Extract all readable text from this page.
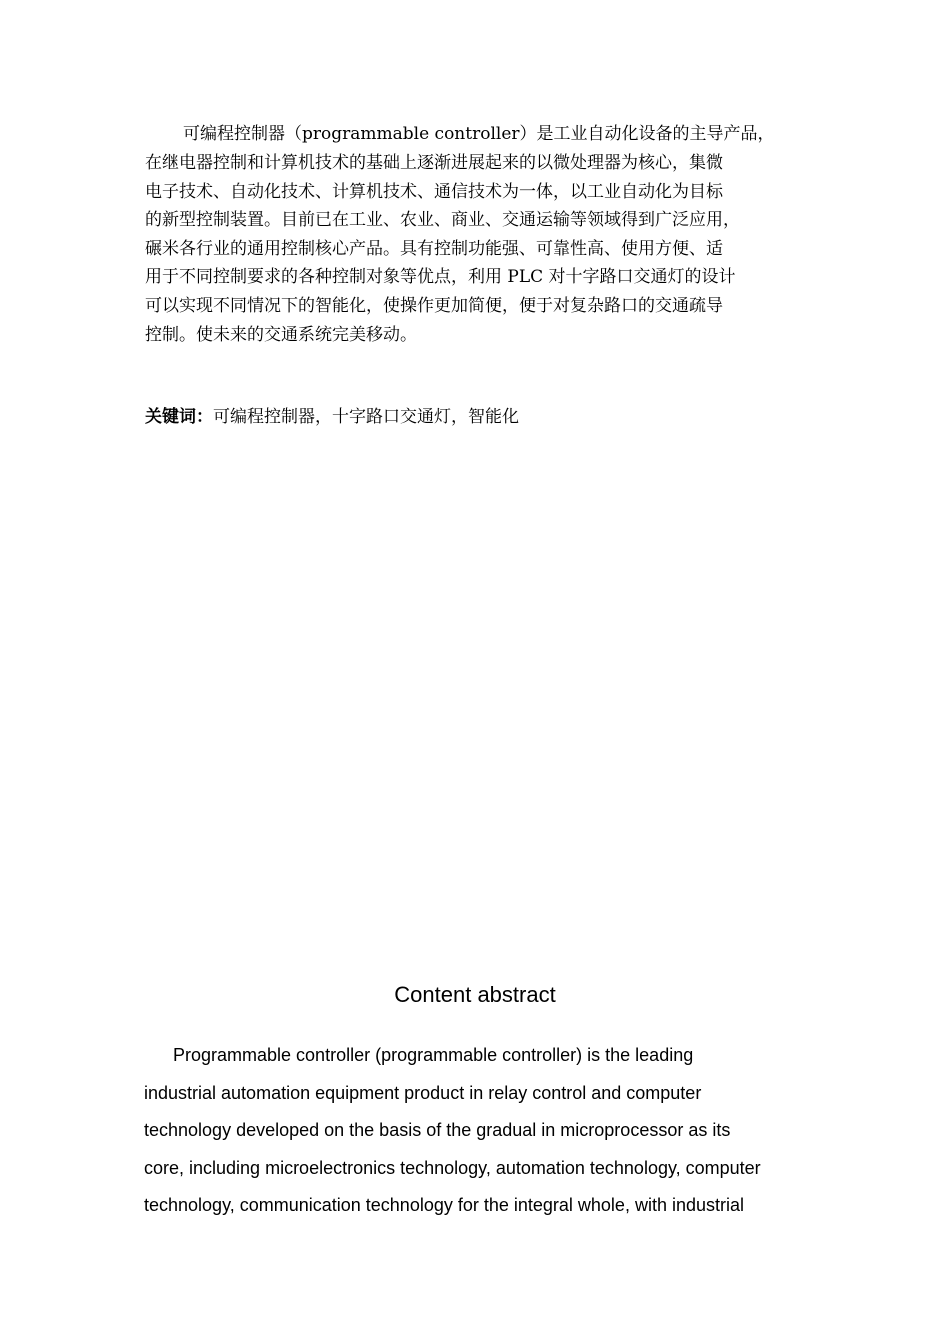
可编程控制器（programmable controller）是工业自动化设备的主导产品，
在继电器控制和计算机技术的基础上逐渐进展起来的以微处理器为核心，集微
电子技术、自动化技术、计算机技术、通信技术为一体，以工业自动化为目标
的新型控制装置。目前已在工业、农业、商业、交通运输等领域得到广泛应用，
碾米各行业的通用控制核心产品。具有控制功能强、可靠性高、使用方便、适
用于不同控制要求的各种控制对象等优点，利用 PLC 对十字路口交通灯的设计
可以实现不同情况下的智能化，使操作更加简便，便于对复杂路口的交通疏导
控制。使未来的交通系统完美移动。
关键词：可编程控制器，十字路口交通灯，智能化
Content abstract
Programmable controller (programmable controller) is the leading
industrial automation equipment product in relay control and computer
technology developed on the basis of the gradual in microprocessor as its
core, including microelectronics technology, automation technology, computer
technology, communication technology for the integral whole, with industrial
